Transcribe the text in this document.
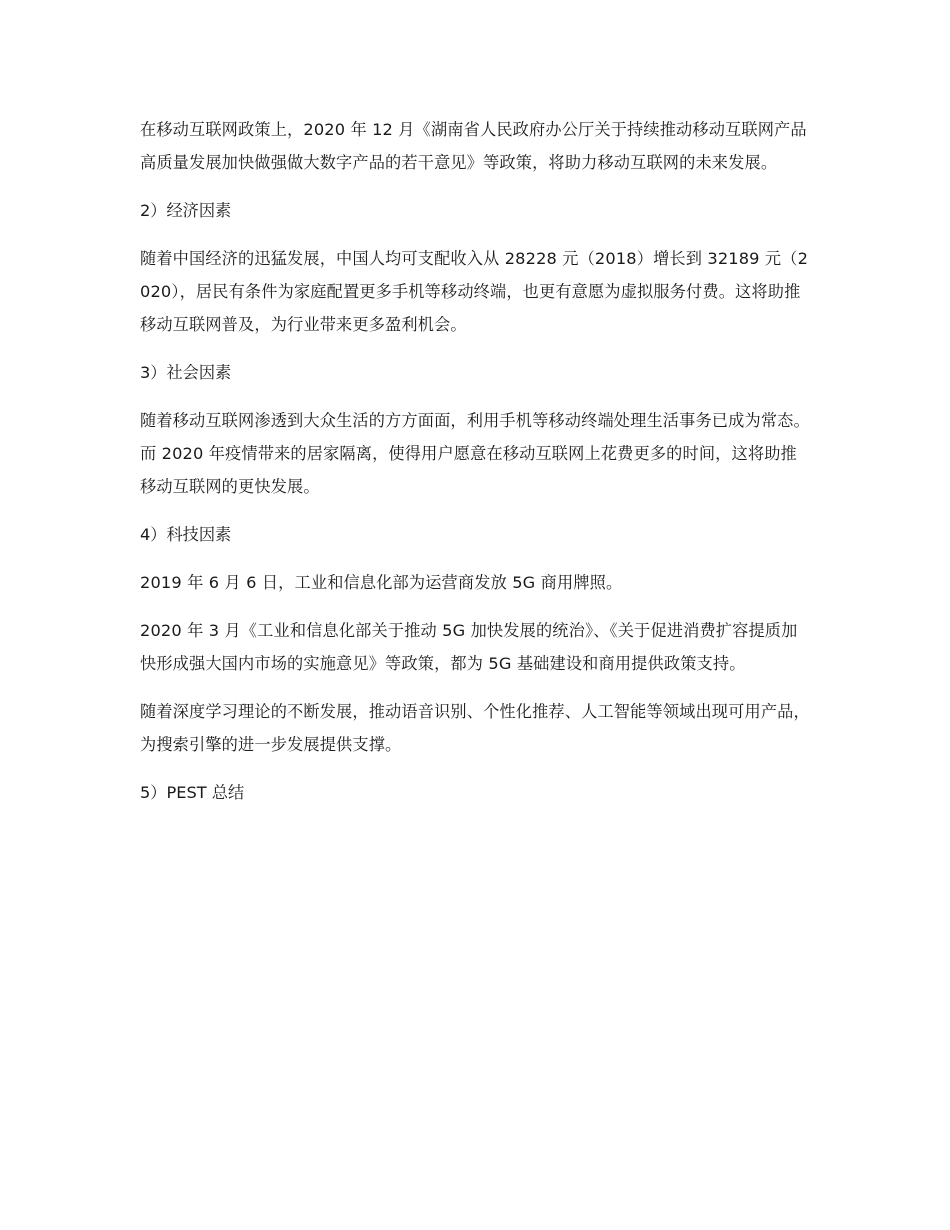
在移动互联网政策上，2020 年 12 月《湖南省人民政府办公厅关于持续推动移动互联网产品高质量发展加快做强做大数字产品的若干意见》等政策，将助力移动互联网的未来发展。

2）经济因素

随着中国经济的迅猛发展，中国人均可支配收入从 28228 元（2018）增长到 32189 元（2020），居民有条件为家庭配置更多手机等移动终端，也更有意愿为虚拟服务付费。这将助推移动互联网普及，为行业带来更多盈利机会。

3）社会因素

随着移动互联网渗透到大众生活的方方面面，利用手机等移动终端处理生活事务已成为常态。而 2020 年疫情带来的居家隔离，使得用户愿意在移动互联网上花费更多的时间，这将助推移动互联网的更快发展。

4）科技因素

2019 年 6 月 6 日，工业和信息化部为运营商发放 5G 商用牌照。

2020 年 3 月《工业和信息化部关于推动 5G 加快发展的统治》、《关于促进消费扩容提质加快形成强大国内市场的实施意见》等政策，都为 5G 基础建设和商用提供政策支持。

随着深度学习理论的不断发展，推动语音识别、个性化推荐、人工智能等领域出现可用产品，为搜索引擎的进一步发展提供支撑。

5）PEST 总结
